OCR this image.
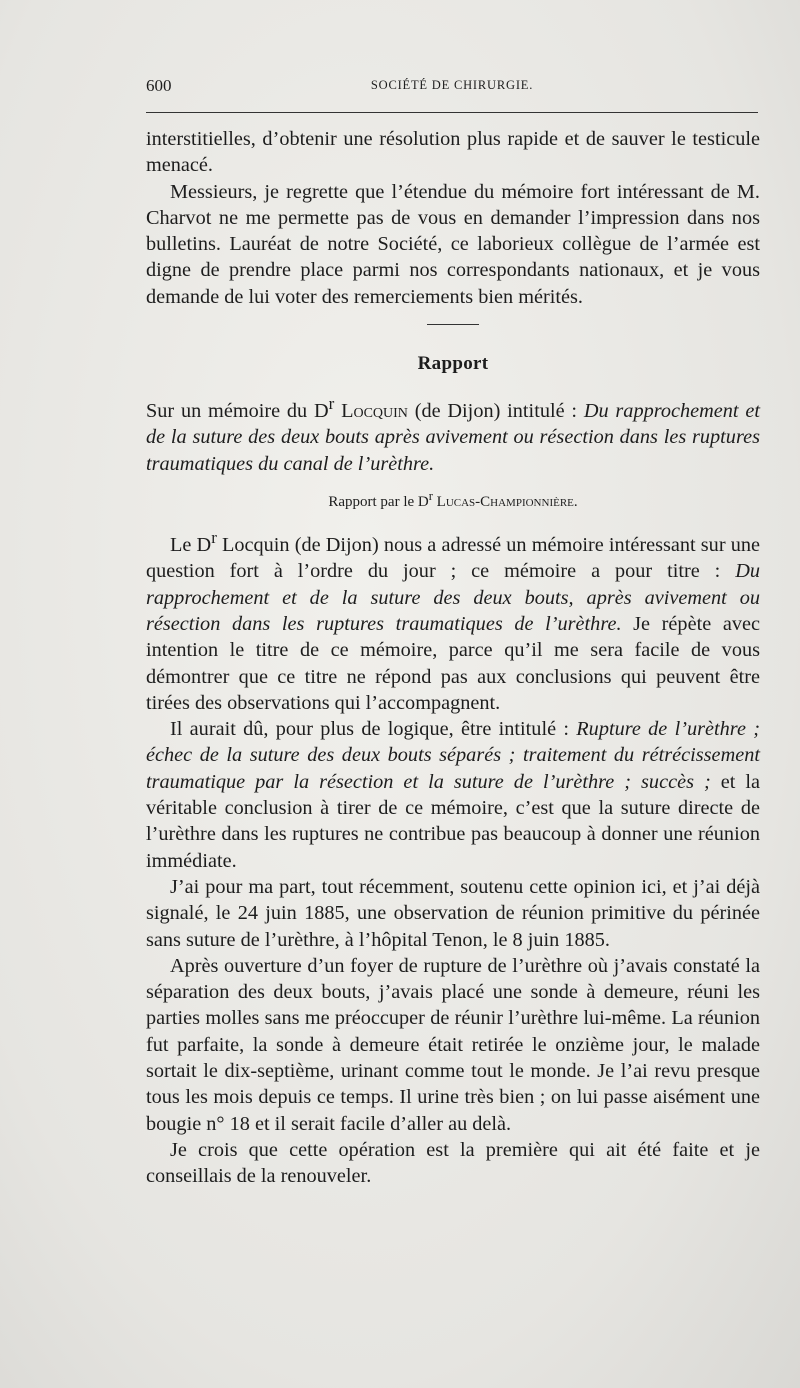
600	SOCIÉTÉ DE CHIRURGIE.

interstitielles, d’obtenir une résolution plus rapide et de sauver le testicule menacé.

Messieurs, je regrette que l’étendue du mémoire fort intéressant de M. Charvot ne me permette pas de vous en demander l’impression dans nos bulletins. Lauréat de notre Société, ce laborieux collègue de l’armée est digne de prendre place parmi nos correspondants nationaux, et je vous demande de lui voter des remerciements bien mérités.

Rapport

Sur un mémoire du $D^r$ Locquin (de Dijon) intitulé : Du rapprochement et de la suture des deux bouts après avivement ou résection dans les ruptures traumatiques du canal de l’urèthre.

Rapport par le $D^r$ Lucas-Championnière.

Le $D^r$ Locquin (de Dijon) nous a adressé un mémoire intéressant sur une question fort à l’ordre du jour ; ce mémoire a pour titre : Du rapprochement et de la suture des deux bouts, après avivement ou résection dans les ruptures traumatiques de l’urèthre. Je répète avec intention le titre de ce mémoire, parce qu’il me sera facile de vous démontrer que ce titre ne répond pas aux conclusions qui peuvent être tirées des observations qui l’accompagnent.

Il aurait dû, pour plus de logique, être intitulé : Rupture de l’urèthre ; échec de la suture des deux bouts séparés ; traitement du rétrécissement traumatique par la résection et la suture de l’urèthre ; succès ; et la véritable conclusion à tirer de ce mémoire, c’est que la suture directe de l’urèthre dans les ruptures ne contribue pas beaucoup à donner une réunion immédiate.

J’ai pour ma part, tout récemment, soutenu cette opinion ici, et j’ai déjà signalé, le 24 juin 1885, une observation de réunion primitive du périnée sans suture de l’urèthre, à l’hôpital Tenon, le 8 juin 1885.

Après ouverture d’un foyer de rupture de l’urèthre où j’avais constaté la séparation des deux bouts, j’avais placé une sonde à demeure, réuni les parties molles sans me préoccuper de réunir l’urèthre lui-même. La réunion fut parfaite, la sonde à demeure était retirée le onzième jour, le malade sortait le dix-septième, urinant comme tout le monde. Je l’ai revu presque tous les mois depuis ce temps. Il urine très bien ; on lui passe aisément une bougie n° 18 et il serait facile d’aller au delà.

Je crois que cette opération est la première qui ait été faite et je conseillais de la renouveler.
